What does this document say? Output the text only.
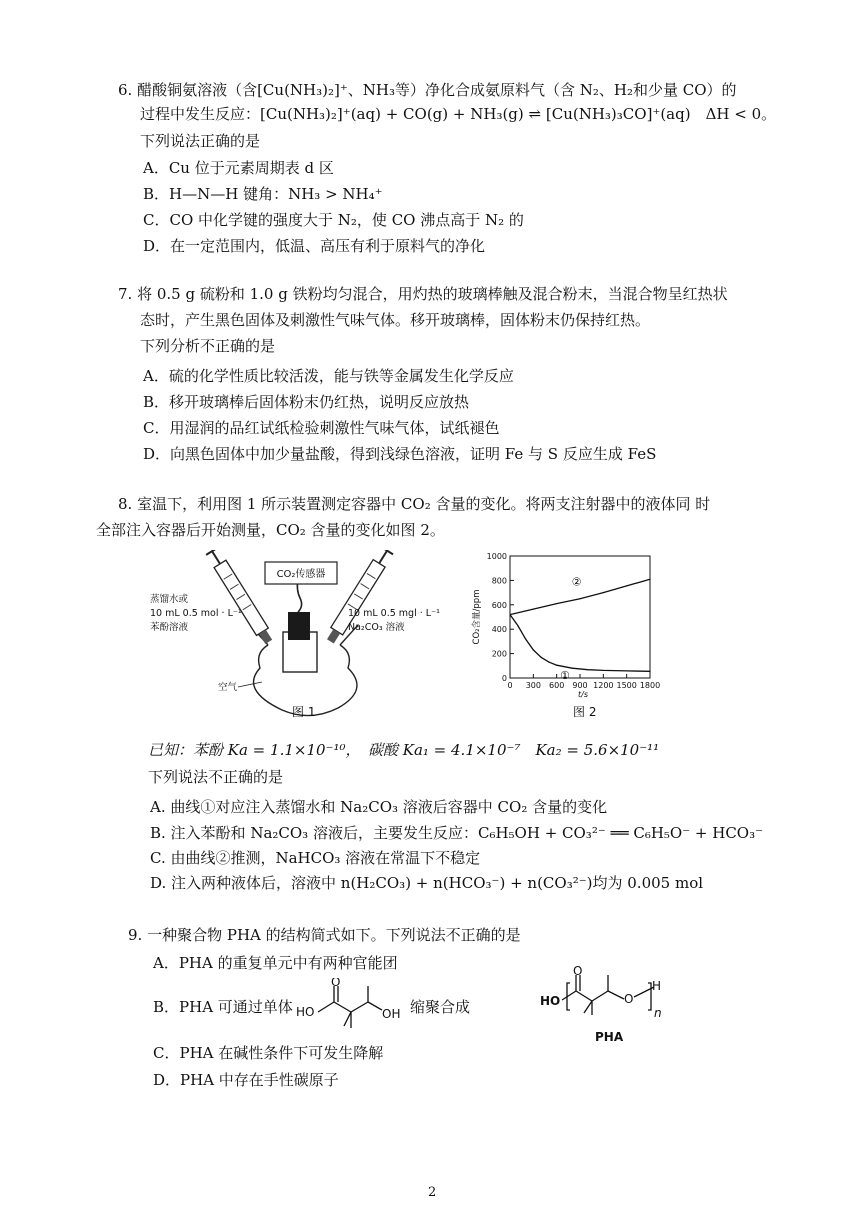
6. 醋酸铜氨溶液（含[Cu(NH₃)₂]⁺、NH₃等）净化合成氨原料气（含 N₂、H₂和少量 CO）的
过程中发生反应：[Cu(NH₃)₂]⁺(aq) + CO(g) + NH₃(g) ⇌ [Cu(NH₃)₃CO]⁺(aq)　ΔH < 0。
下列说法正确的是
A．Cu 位于元素周期表 d 区
B．H—N—H 键角：NH₃ > NH₄⁺
C．CO 中化学键的强度大于 N₂，使 CO 沸点高于 N₂ 的
D．在一定范围内，低温、高压有利于原料气的净化
7. 将 0.5 g 硫粉和 1.0 g 铁粉均匀混合，用灼热的玻璃棒触及混合粉末，当混合物呈红热状
态时，产生黑色固体及刺激性气味气体。移开玻璃棒，固体粉末仍保持红热。
下列分析不正确的是
A．硫的化学性质比较活泼，能与铁等金属发生化学反应
B．移开玻璃棒后固体粉末仍红热，说明反应放热
C．用湿润的品红试纸检验刺激性气味气体，试纸褪色
D．向黑色固体中加少量盐酸，得到浅绿色溶液，证明 Fe 与 S 反应生成 FeS
8. 室温下，利用图 1 所示装置测定容器中 CO₂ 含量的变化。将两支注射器中的液体同 时
全部注入容器后开始测量，CO₂ 含量的变化如图 2。
CO₂传感器
蒸馏水或
10 mL 0.5 mol · L⁻¹
苯酚溶液
10 mL 0.5 mgl · L⁻¹
Na₂CO₃ 溶液
空气
图 1
0
200
400
600
800
1000
0 300 600 900 1200 1500 1800
CO₂含量/ppm
t/s
①
②
图 2
已知：苯酚 Ka = 1.1×10⁻¹⁰，　碳酸 Ka₁ = 4.1×10⁻⁷　Ka₂ = 5.6×10⁻¹¹
下列说法不正确的是
A. 曲线①对应注入蒸馏水和 Na₂CO₃ 溶液后容器中 CO₂ 含量的变化
B. 注入苯酚和 Na₂CO₃ 溶液后，主要发生反应：C₆H₅OH + CO₃²⁻ ══ C₆H₅O⁻ + HCO₃⁻
C. 由曲线②推测，NaHCO₃ 溶液在常温下不稳定
D. 注入两种液体后，溶液中 n(H₂CO₃) + n(HCO₃⁻) + n(CO₃²⁻)均为 0.005 mol
9. 一种聚合物 PHA 的结构简式如下。下列说法不正确的是
A．PHA 的重复单元中有两种官能团
B．PHA 可通过单体 HO
O
OH 缩聚合成	HO
O
O
H
n
PHA
C．PHA 在碱性条件下可发生降解
D．PHA 中存在手性碳原子
2
